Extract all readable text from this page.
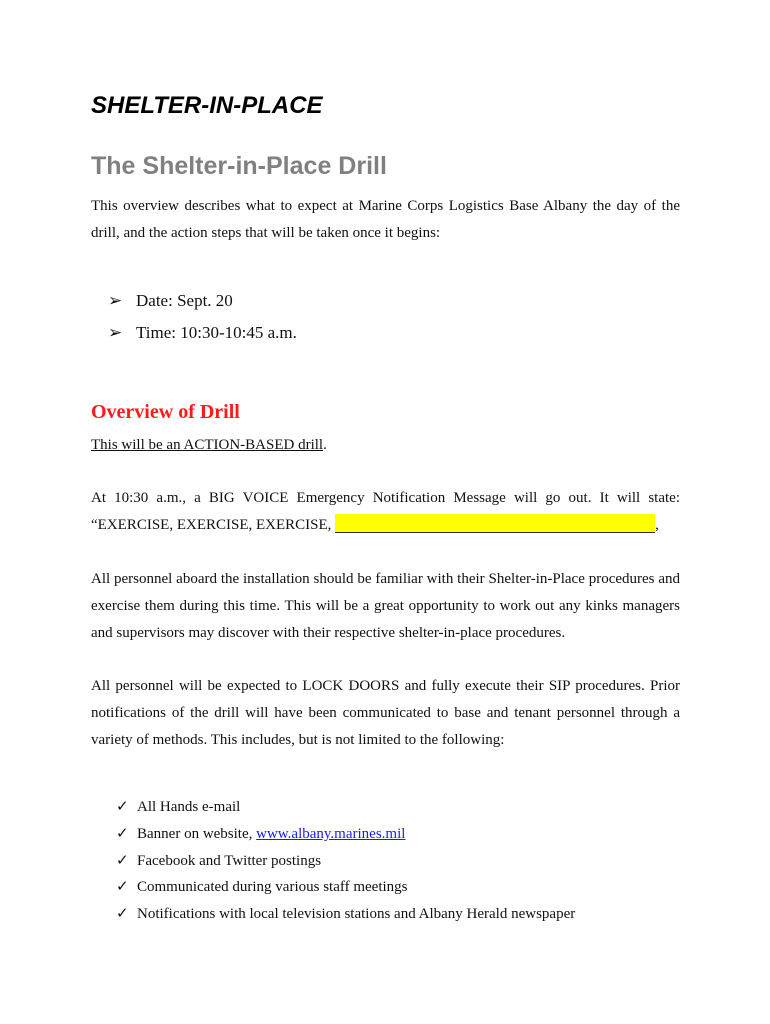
SHELTER-IN-PLACE
The Shelter-in-Place Drill
This overview describes what to expect at Marine Corps Logistics Base Albany the day of the drill, and the action steps that will be taken once it begins:
➢ Date: Sept. 20
➢ Time: 10:30-10:45 a.m.
Overview of Drill
This will be an ACTION-BASED drill.
At 10:30 a.m., a BIG VOICE Emergency Notification Message will go out. It will state: “EXERCISE, EXERCISE, EXERCISE,	,
All personnel aboard the installation should be familiar with their Shelter-in-Place procedures and exercise them during this time. This will be a great opportunity to work out any kinks managers and supervisors may discover with their respective shelter-in-place procedures.
All personnel will be expected to LOCK DOORS and fully execute their SIP procedures. Prior notifications of the drill will have been communicated to base and tenant personnel through a variety of methods. This includes, but is not limited to the following:
✓ All Hands e-mail
✓ Banner on website, www.albany.marines.mil
✓ Facebook and Twitter postings
✓ Communicated during various staff meetings
✓ Notifications with local television stations and Albany Herald newspaper
